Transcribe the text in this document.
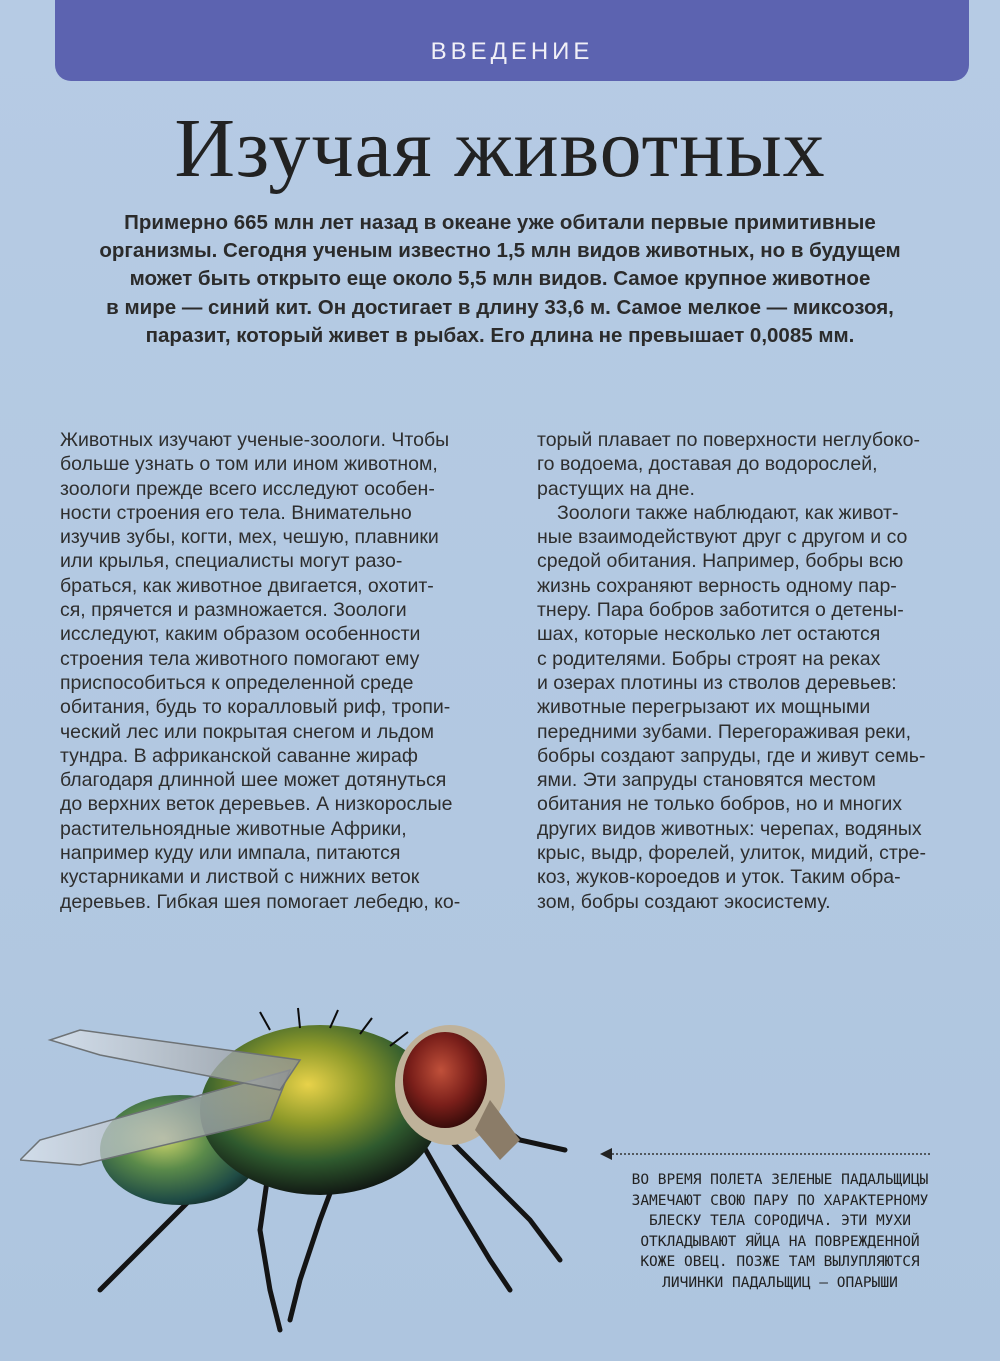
ВВЕДЕНИЕ
Изучая животных
Примерно 665 млн лет назад в океане уже обитали первые примитивные
организмы. Сегодня ученым известно 1,5 млн видов животных, но в будущем
может быть открыто еще около 5,5 млн видов. Самое крупное животное
в мире — синий кит. Он достигает в длину 33,6 м. Самое мелкое — миксозоя,
паразит, который живет в рыбах. Его длина не превышает 0,0085 мм.
Животных изучают ученые-зоологи. Чтобы
больше узнать о том или ином животном,
зоологи прежде всего исследуют особен-
ности строения его тела. Внимательно
изучив зубы, когти, мех, чешую, плавники
или крылья, специалисты могут разо-
браться, как животное двигается, охотит-
ся, прячется и размножается. Зоологи
исследуют, каким образом особенности
строения тела животного помогают ему
приспособиться к определенной среде
обитания, будь то коралловый риф, тропи-
ческий лес или покрытая снегом и льдом
тундра. В африканской саванне жираф
благодаря длинной шее может дотянуться
до верхних веток деревьев. А низкорослые
растительноядные животные Африки,
например куду или импала, питаются
кустарниками и листвой с нижних веток
деревьев. Гибкая шея помогает лебедю, ко-
торый плавает по поверхности неглубоко-
го водоема, доставая до водорослей,
растущих на дне.
Зоологи также наблюдают, как живот-
ные взаимодействуют друг с другом и со
средой обитания. Например, бобры всю
жизнь сохраняют верность одному пар-
тнеру. Пара бобров заботится о детены-
шах, которые несколько лет остаются
с родителями. Бобры строят на реках
и озерах плотины из стволов деревьев:
животные перегрызают их мощными
передними зубами. Перегораживая реки,
бобры создают запруды, где и живут семь-
ями. Эти запруды становятся местом
обитания не только бобров, но и многих
других видов животных: черепах, водяных
крыс, выдр, форелей, улиток, мидий, стре-
коз, жуков-короедов и уток. Таким обра-
зом, бобры создают экосистему.
ВО ВРЕМЯ ПОЛЕТА ЗЕЛЕНЫЕ ПАДАЛЬЩИЦЫ
ЗАМЕЧАЮТ СВОЮ ПАРУ ПО ХАРАКТЕРНОМУ
БЛЕСКУ ТЕЛА СОРОДИЧА. ЭТИ МУХИ
ОТКЛАДЫВАЮТ ЯЙЦА НА ПОВРЕЖДЕННОЙ
КОЖЕ ОВЕЦ. ПОЗЖЕ ТАМ ВЫЛУПЛЯЮТСЯ
ЛИЧИНКИ ПАДАЛЬЩИЦ — ОПАРЫШИ
